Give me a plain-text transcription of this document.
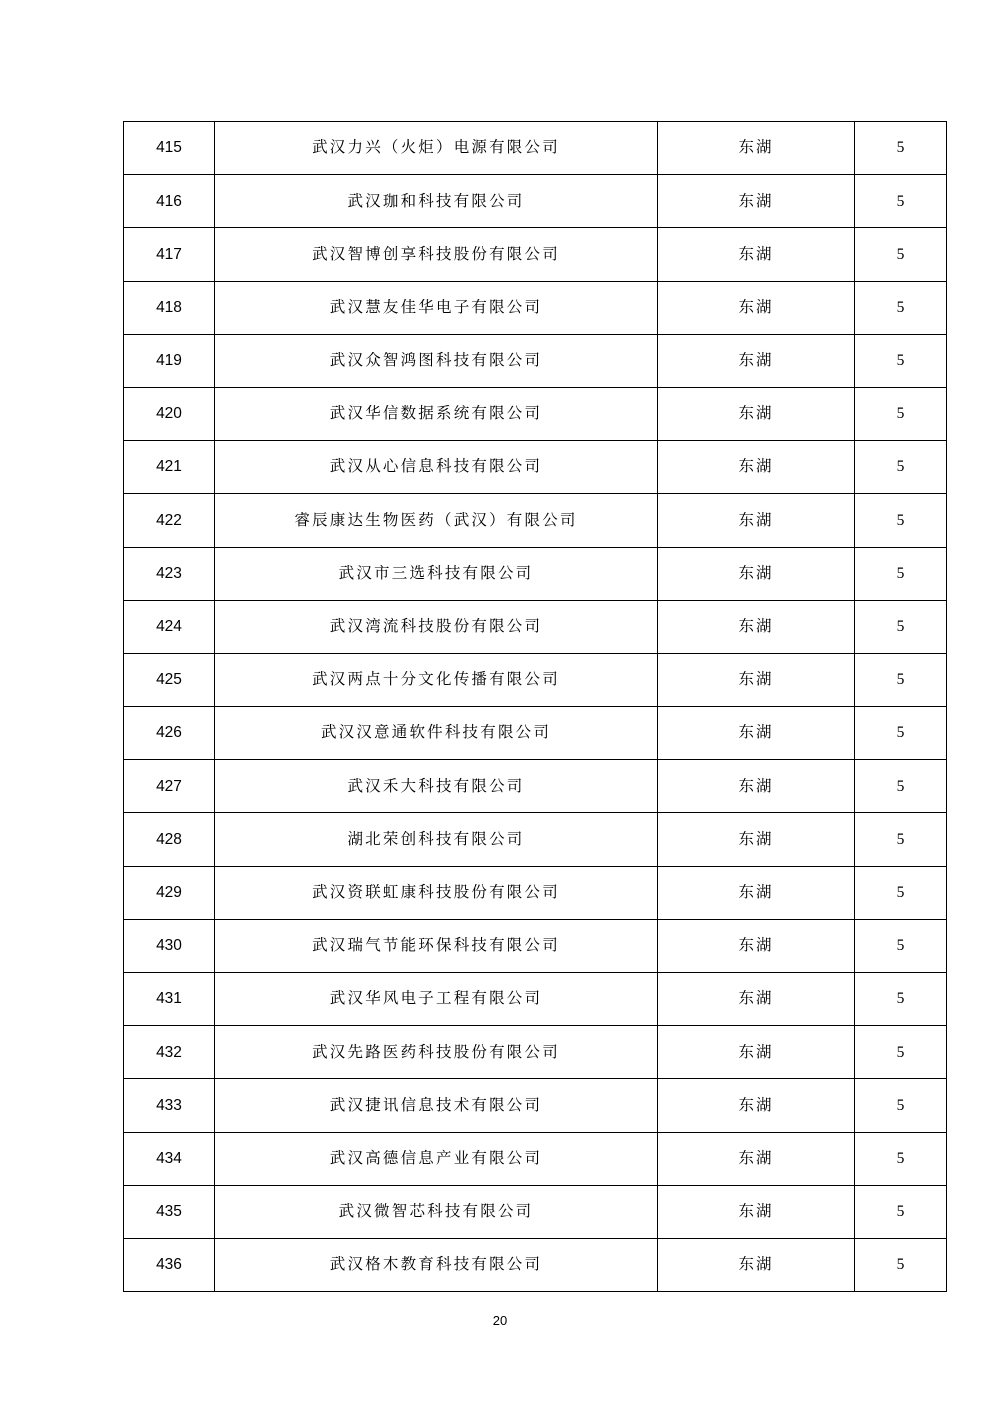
415	武汉力兴（火炬）电源有限公司	东湖	5
416	武汉珈和科技有限公司	东湖	5
417	武汉智博创享科技股份有限公司	东湖	5
418	武汉慧友佳华电子有限公司	东湖	5
419	武汉众智鸿图科技有限公司	东湖	5
420	武汉华信数据系统有限公司	东湖	5
421	武汉从心信息科技有限公司	东湖	5
422	睿辰康达生物医药（武汉）有限公司	东湖	5
423	武汉市三选科技有限公司	东湖	5
424	武汉湾流科技股份有限公司	东湖	5
425	武汉两点十分文化传播有限公司	东湖	5
426	武汉汉意通软件科技有限公司	东湖	5
427	武汉禾大科技有限公司	东湖	5
428	湖北荣创科技有限公司	东湖	5
429	武汉资联虹康科技股份有限公司	东湖	5
430	武汉瑞气节能环保科技有限公司	东湖	5
431	武汉华风电子工程有限公司	东湖	5
432	武汉先路医药科技股份有限公司	东湖	5
433	武汉捷讯信息技术有限公司	东湖	5
434	武汉高德信息产业有限公司	东湖	5
435	武汉微智芯科技有限公司	东湖	5
436	武汉格木教育科技有限公司	东湖	5
20
